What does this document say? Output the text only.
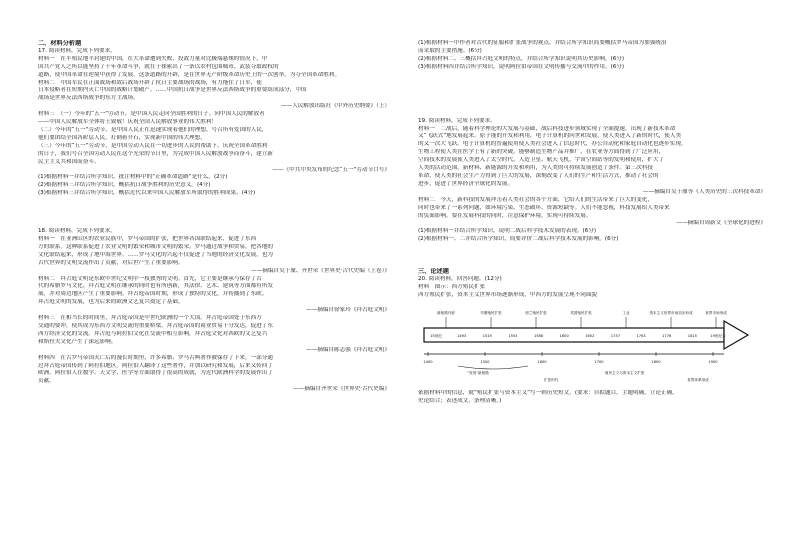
二、材料分析题
17. 阅读材料，完成下列要求。
材料一　在半殖民地半封建的中国，在大革命遭到失败、投敌力量对比极端悬殊的情况下，中
国共产党人之所以能坚持了十年革命斗争，就在于探索出了一条以农村包围城市、武装夺取政权的
道路，使中国革命在逆境中获得了发展。这条道路的开辟，是在世界无产阶级革命历史上的一次创举，为夺全国革命胜利。
材料二　中国军民在正面战场和敌后战场开辟了抗日主要战场的战场，有力拖住了日军，使
日本侵略者在短期内灭亡中国的战略计划破产。……中国抗日战争是世界反法西斯战争的重要组成部分，中国
战场是世界反法西斯战争的东方主战场。
——人民解放出版社《中外历史纲要》（上）
材料三　（一）今年的“五一”劳动节，是中国人民走向全国胜利的日子。向中国人民的解放者
——中国人民解放军全体将士致敬！庆祝全国人民解放事业的伟大胜利！
（二）今年的“五一”劳动节，是中国人民正在迅速实现着他们的理想，号召所有爱国的人民，
他们要团结全国各阶层人民，打倒蒋介石，实现新中国的伟大理想。
（三）今年的“五一”劳动节，是中国劳动人民在一切进步的人民的帮助下，庆祝全国革命胜利
的日子，我们号召全国劳动人民在这个光荣的节日里，为完成中国人民解放战争而奋斗，建立新
民主主义共和国而奋斗。
——《中共中央发布的纪念“五一”劳动节口号》
(1)根据材料一并结合所学知识，批注材料中的“正确革命道路”是什么。(2分)
(2)根据材料三并结合所学知识，概括抗日战争胜利的历史意义。(4分)
(3)根据材料三并结合所学知识，概括近代以来中国人民解放军所取得的胜利成果。(4分)
18. 阅读材料，完成下列要求。
材料一　在亚洲山区的农业民族中，罗马帝国的扩张，把世界各国联结起来，促进了东西
方的联系。这种联系促进了农业文明的繁荣和城市文明的繁荣。罗马通过战争和贸易，把各地的
文化联结起来，形成了地中海世界。……罗马文化的兴起不仅促进了当地的经济文化发展，也为
古代世界的文明交流作出了贡献，对后世产生了重要影响。
——摘编自吴于廑、齐世荣《世界史·古代史编（上卷）》
材料二　拜占庭文明是东欧中世纪文明中一枝独秀的文明。首先，它主要是继承与保存了古
代的希腊罗马文化。拜占庭文明在继承的同时也有所创新，其法律、艺术、建筑等方面都有所发
展，并对周边地区产生了重要影响。拜占庭帝国时期，形成了独特的文化，并传播到了东欧。
拜占庭文明的发展，也为后来的欧洲文艺复兴奠定了基础。
——摘编自徐家玲《拜占庭文明》
材料三　在相当长的时间里，拜占庭帝国是中世纪欧洲的一个大国。拜占庭帝国处于东西方
交通的要冲，使其成为东西方文明交流的重要桥梁。拜占庭帝国的商业贸易十分发达，促进了东
西方经济文化的交流。拜占庭与阿拉伯文化在交流中相互影响。拜占庭文化对西欧的文艺复兴
和斯拉夫文化产生了深远影响。
——摘编自陈志强《拜占庭文明》
材料四　在古罗马帝国灭亡后的漫长时期里，许多希腊、罗马古典著作被保存了下来，一部分通
过拜占庭帝国传到了阿拉伯地区。阿拉伯人翻译了这些著作，并加以研究和发展，后来又传回了
欧洲。阿拉伯人在数学、天文学、医学等方面取得了很高的成就，为近代欧洲科学的发展作出了
贡献。
——摘编自齐世荣《世界史·古代史编》
(1)根据材料一中作者对古代的征服和扩张战争的观点，并结合所学知识简要概括罗马帝国为加强统治
而采取的主要措施。(6分)
(2)根据材料二、三概括拜占庭文明的特点，并结合所学知识说明其历史影响。(6分)
(3)根据材料四并结合所学知识，说明阿拉伯帝国在文明传播与交流中的作用。(6分)
19. 阅读材料，完成下列要求。
材料一　二战后，随着科学理论的大发展与基础，战后科技进步领域实现了全面提速，出现了新技术革命
又“飞跃式”地发展起来。原子能的开发和利用，电子计算机的问世和发展，使人类进入了新的时代，使人类
的又一次大飞跃。电子计算机的普遍使用使人类社会进入了信息时代，办公自动化和家庭自动化也逐步实现。
生物工程使人类在医学上有了新的突破，能够制造生物产品并推广，在农业等方面得到了广泛应用，
空间技术的发展使人类进入了太空时代，人造卫星、航天飞机、宇宙空间站等的发明和使用，扩大了
人类的活动范围。新材料、新能源的开发和利用，为人类的可持续发展创造了条件。第三次科技
革命，使人类的社会生产力得到了巨大的发展，深刻改变了人们的生产和生活方式，推动了社会的
进步，促进了世界经济全球化的发展。
——摘编自吴于廑等《人类历史的三次科技革命》
材料二　今天，新科技的发展冲击着人类社会的各个方面，它给人们的生活带来了巨大的变化，
同时也带来了一系列问题，如环境污染、生态破坏、资源短缺等。人们不能忽视，科技发展给人类带来
的负面影响，要在发展科技的同时，注意保护环境，实现可持续发展。
——摘编自周新文《全球化的进程》
(1)根据材料一并结合所学知识，说明二战后科学技术发展的表现。(6分)
(2)根据材料一、二并结合所学知识，简要评价二战后科学技术发展的影响。(6分)
三、论述题
20. 阅读材料，回答问题。(12分)
材料　图示：西方殖民扩张
西方殖民扩张，资本主义世界市场逐渐形成，中西方的发展呈现不同面貌
新航路开辟	早期殖民扩张	荷兰殖民扩张	英国殖民扩张	工业	资本主义世界市场初步形成	世界市场形成
15世纪	1493	1519	1553	1588	1600	1652	1757	1763	1776	1815	19世纪末
1400	1500	1600	1700	1800	1900
“发现”新航路
扩张时代
殖民主义与资本主义扩张
世界体系形成
依据材料中的信息，就“殖民扩张与资本主义”写一则历史短文。(要求：自拟题目，主题明确，立论正确，
史论结合；表述成文，条理清晰。)
